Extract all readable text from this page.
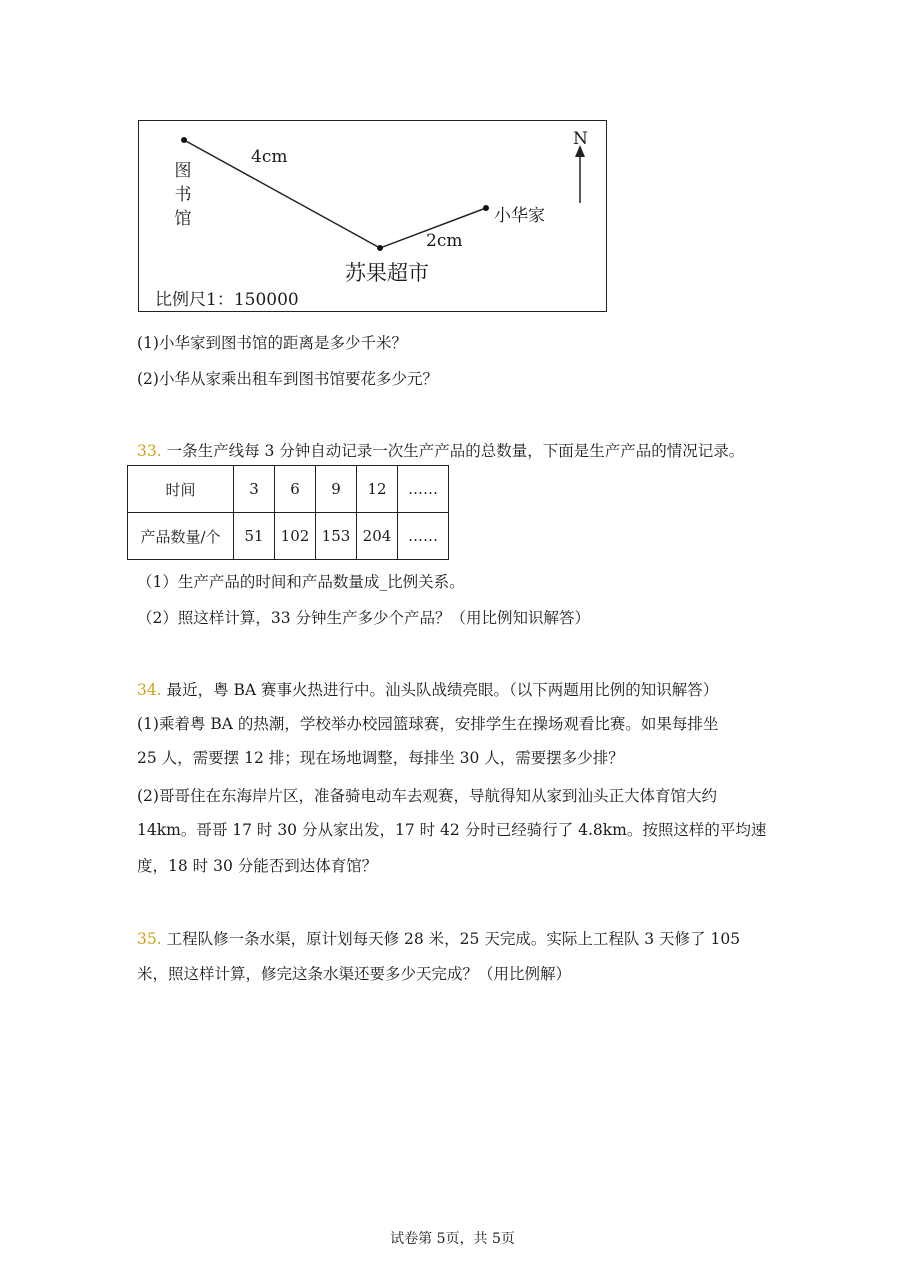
图
书
馆
4cm
小华家
2cm
苏果超市
N
比例尺1：150000
(1)小华家到图书馆的距离是多少千米？
(2)小华从家乘出租车到图书馆要花多少元？
33. 一条生产线每 3 分钟自动记录一次生产产品的总数量，下面是生产产品的情况记录。
时间	3	6	9	12	……
产品数量/个	51	102	153	204	……
（1）生产产品的时间和产品数量成_比例关系。
（2）照这样计算，33 分钟生产多少个产品？（用比例知识解答）
34. 最近，粤 BA 赛事火热进行中。汕头队战绩亮眼。（以下两题用比例的知识解答）
(1)乘着粤 BA 的热潮，学校举办校园篮球赛，安排学生在操场观看比赛。如果每排坐
25 人，需要摆 12 排；现在场地调整，每排坐 30 人，需要摆多少排？
(2)哥哥住在东海岸片区，准备骑电动车去观赛，导航得知从家到汕头正大体育馆大约
14km。哥哥 17 时 30 分从家出发，17 时 42 分时已经骑行了 4.8km。按照这样的平均速
度，18 时 30 分能否到达体育馆？
35. 工程队修一条水渠，原计划每天修 28 米，25 天完成。实际上工程队 3 天修了 105
米，照这样计算，修完这条水渠还要多少天完成？（用比例解）
试卷第 5页，共 5页
